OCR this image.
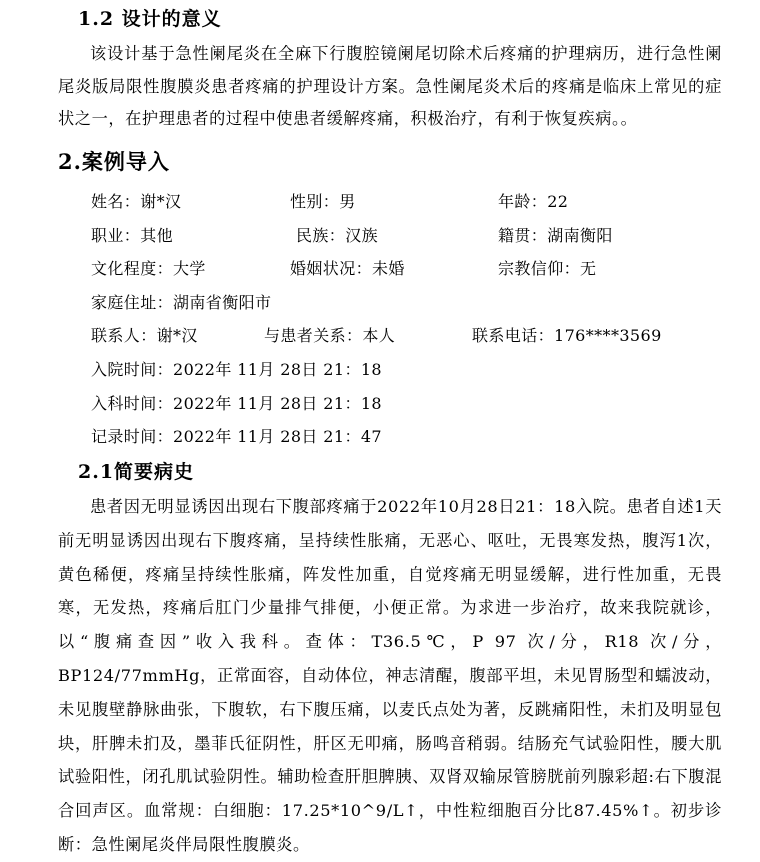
1.2 设计的意义

该设计基于急性阑尾炎在全麻下行腹腔镜阑尾切除术后疼痛的护理病历，进行急性阑尾炎版局限性腹膜炎患者疼痛的护理设计方案。急性阑尾炎术后的疼痛是临床上常见的症状之一，在护理患者的过程中使患者缓解疼痛，积极治疗，有利于恢复疾病。。

2.案例导入
姓名：谢*汉	性别：男	年龄：22
职业：其他	民族：汉族	籍贯：湖南衡阳
文化程度：大学	婚姻状况：未婚	宗教信仰：无
家庭住址：湖南省衡阳市
联系人：谢*汉	与患者关系：本人	联系电话：176****3569
入院时间：2022年 11月 28日 21：18
入科时间：2022年 11月 28日 21：18
记录时间：2022年 11月 28日 21：47
2.1简要病史

患者因无明显诱因出现右下腹部疼痛于2022年10月28日21：18入院。患者自述1天前无明显诱因出现右下腹疼痛，呈持续性胀痛，无恶心、呕吐，无畏寒发热，腹泻1次，黄色稀便，疼痛呈持续性胀痛，阵发性加重，自觉疼痛无明显缓解，进行性加重，无畏寒，无发热，疼痛后肛门少量排气排便，小便正常。为求进一步治疗，故来我院就诊，以“腹痛查因”收入我科。查体：T36.5℃，P 97 次/分，R18 次/分，BP124/77mmHg，正常面容，自动体位，神志清醒，腹部平坦，未见胃肠型和蠕波动，未见腹壁静脉曲张，下腹软，右下腹压痛，以麦氏点处为著，反跳痛阳性，未扪及明显包块，肝脾未扪及，墨菲氏征阴性，肝区无叩痛，肠鸣音稍弱。结肠充气试验阳性，腰大肌试验阳性，闭孔肌试验阴性。辅助检查肝胆脾胰、双肾双输尿管膀胱前列腺彩超:右下腹混合回声区。血常规：白细胞：17.25*10^9/L↑，中性粒细胞百分比87.45%↑。初步诊断：急性阑尾炎伴局限性腹膜炎。
